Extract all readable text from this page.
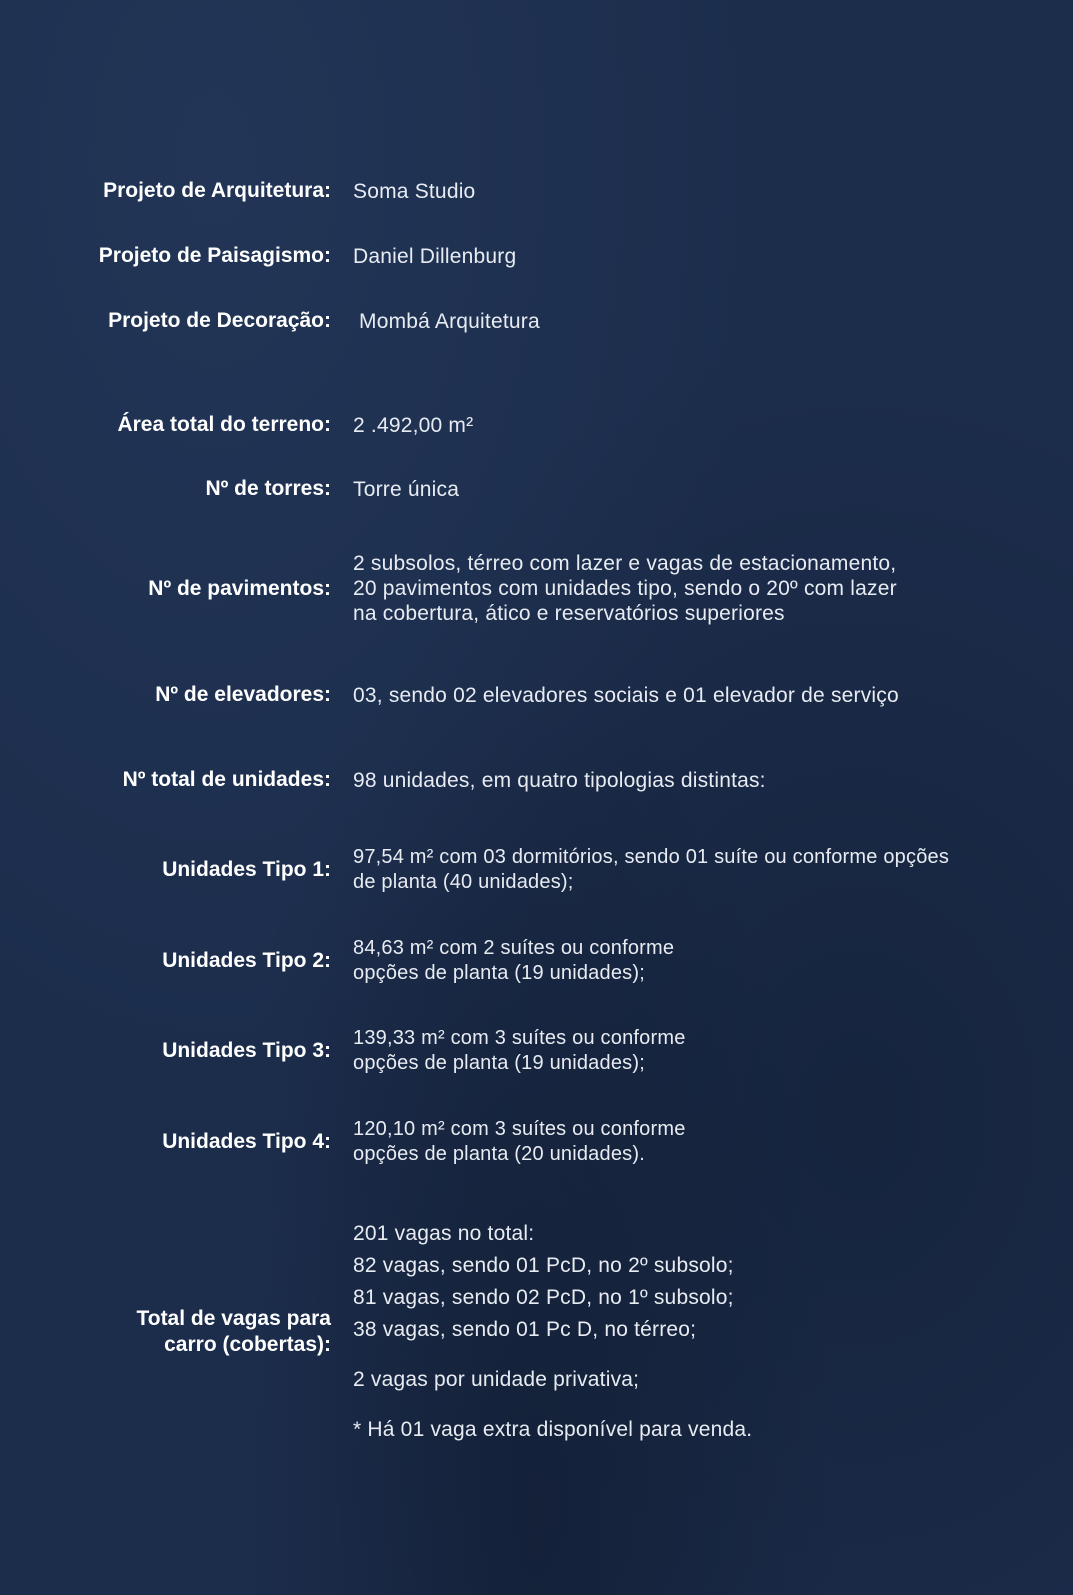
Projeto de Arquitetura: Soma Studio
Projeto de Paisagismo: Daniel Dillenburg
Projeto de Decoração: Mombá Arquitetura
Área total do terreno: 2 .492,00 m²
Nº de torres: Torre única
Nº de pavimentos:

2 subsolos, térreo com lazer e vagas de estacionamento,

20 pavimentos com unidades tipo, sendo o 20º com lazer

na cobertura, ático e reservatórios superiores

Nº de elevadores: 03, sendo 02 elevadores sociais e 01 elevador de serviço
Nº total de unidades: 98 unidades, em quatro tipologias distintas:
Unidades Tipo 1:

97,54 m² com 03 dormitórios, sendo 01 suíte ou conforme opções

de planta (40 unidades);

Unidades Tipo 2:

84,63 m² com 2 suítes ou conforme

opções de planta (19 unidades);

Unidades Tipo 3:

139,33 m² com 3 suítes ou conforme

opções de planta (19 unidades);

Unidades Tipo 4:

120,10 m² com 3 suítes ou conforme

opções de planta (20 unidades).

Total de vagas para
carro (cobertas):

201 vagas no total:

82 vagas, sendo 01 PcD, no 2º subsolo;

81 vagas, sendo 02 PcD, no 1º subsolo;

38 vagas, sendo 01 Pc D, no térreo;

2 vagas por unidade privativa;

* Há 01 vaga extra disponível para venda.
